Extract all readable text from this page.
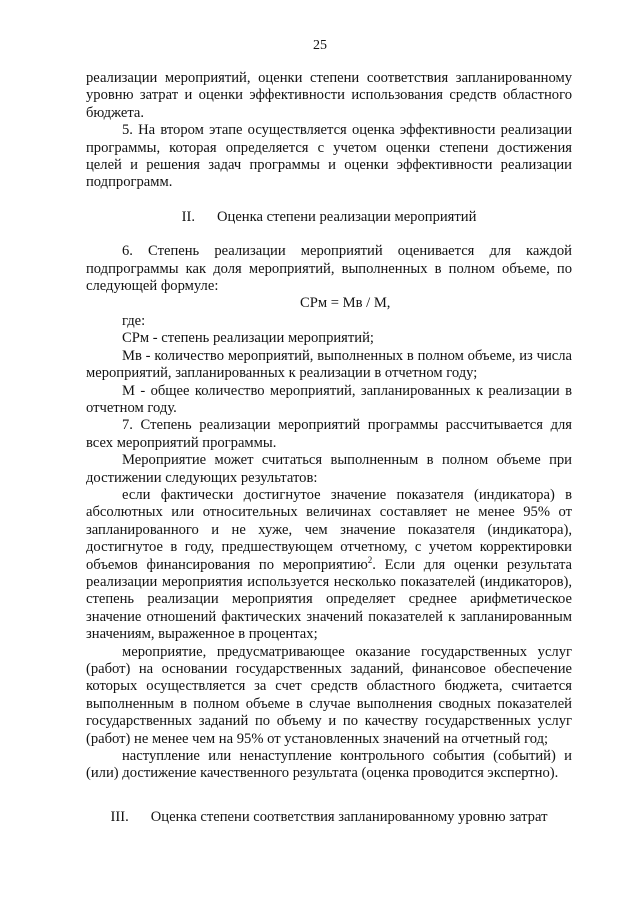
25

реализации мероприятий, оценки степени соответствия запланированному уровню затрат и оценки эффективности использования средств областного бюджета.

5. На втором этапе осуществляется оценка эффективности реализации программы, которая определяется с учетом оценки степени достижения целей и решения задач программы и оценки эффективности реализации подпрограмм.

II. Оценка степени реализации мероприятий

6. Степень реализации мероприятий оценивается для каждой подпрограммы как доля мероприятий, выполненных в полном объеме, по следующей формуле:

СРм = Мв / М,

где:

СРм - степень реализации мероприятий;

Мв - количество мероприятий, выполненных в полном объеме, из числа мероприятий, запланированных к реализации в отчетном году;

М - общее количество мероприятий, запланированных к реализации в отчетном году.

7. Степень реализации мероприятий программы рассчитывается для всех мероприятий программы.

Мероприятие может считаться выполненным в полном объеме при достижении следующих результатов:

если фактически достигнутое значение показателя (индикатора) в абсолютных или относительных величинах составляет не менее 95% от запланированного и не хуже, чем значение показателя (индикатора), достигнутое в году, предшествующем отчетному, с учетом корректировки объемов финансирования по мероприятию$^2$. Если для оценки результата реализации мероприятия используется несколько показателей (индикаторов), степень реализации мероприятия определяет среднее арифметическое значение отношений фактических значений показателей к запланированным значениям, выраженное в процентах;

мероприятие, предусматривающее оказание государственных услуг (работ) на основании государственных заданий, финансовое обеспечение которых осуществляется за счет средств областного бюджета, считается выполненным в полном объеме в случае выполнения сводных показателей государственных заданий по объему и по качеству государственных услуг (работ) не менее чем на 95% от установленных значений на отчетный год;

наступление или ненаступление контрольного события (событий) и (или) достижение качественного результата (оценка проводится экспертно).

III. Оценка степени соответствия запланированному уровню затрат
